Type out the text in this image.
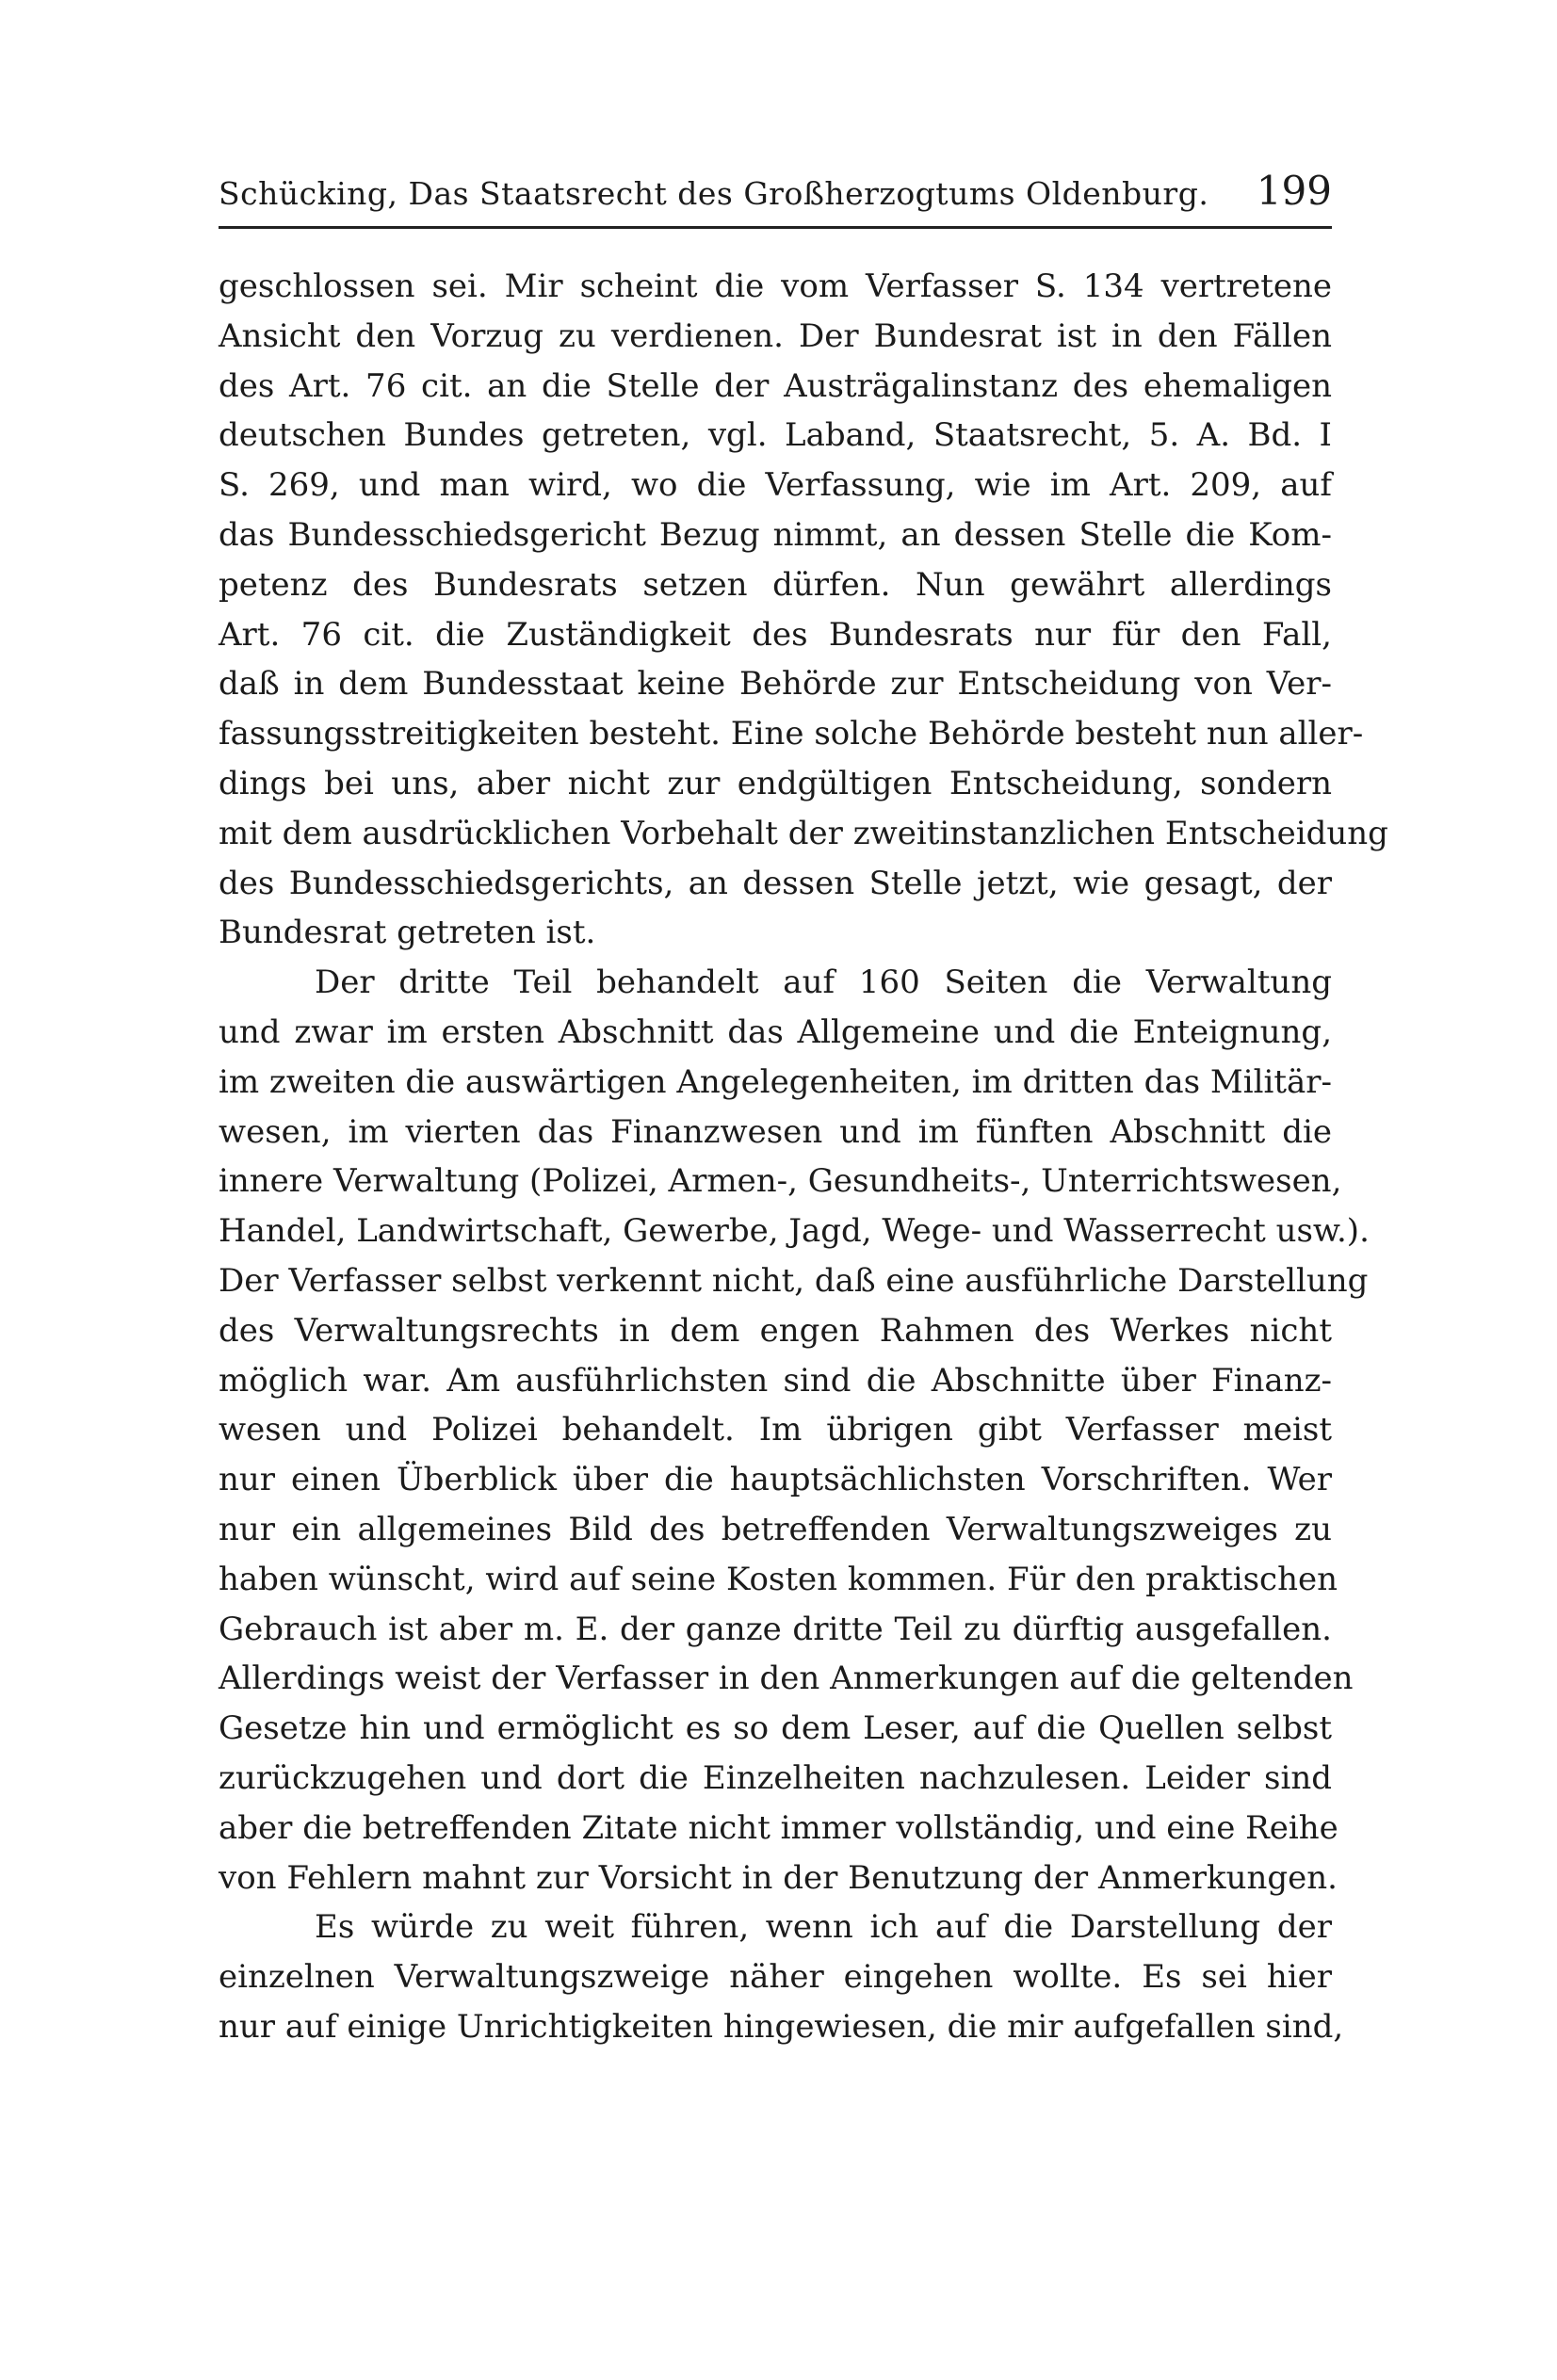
Schücking, Das Staatsrecht des Großherzogtums Oldenburg. 199
geschlossen sei. Mir scheint die vom Verfasser S. 134 vertretene
Ansicht den Vorzug zu verdienen. Der Bundesrat ist in den Fällen
des Art. 76 cit. an die Stelle der Austrägalinstanz des ehemaligen
deutschen Bundes getreten, vgl. Laband, Staatsrecht, 5. A. Bd. I
S. 269, und man wird, wo die Verfassung, wie im Art. 209, auf
das Bundesschiedsgericht Bezug nimmt, an dessen Stelle die Kom-
petenz des Bundesrats setzen dürfen. Nun gewährt allerdings
Art. 76 cit. die Zuständigkeit des Bundesrats nur für den Fall,
daß in dem Bundesstaat keine Behörde zur Entscheidung von Ver-
fassungsstreitigkeiten besteht. Eine solche Behörde besteht nun aller-
dings bei uns, aber nicht zur endgültigen Entscheidung, sondern
mit dem ausdrücklichen Vorbehalt der zweitinstanzlichen Entscheidung
des Bundesschiedsgerichts, an dessen Stelle jetzt, wie gesagt, der
Bundesrat getreten ist.
Der dritte Teil behandelt auf 160 Seiten die Verwaltung
und zwar im ersten Abschnitt das Allgemeine und die Enteignung,
im zweiten die auswärtigen Angelegenheiten, im dritten das Militär-
wesen, im vierten das Finanzwesen und im fünften Abschnitt die
innere Verwaltung (Polizei, Armen-, Gesundheits-, Unterrichtswesen,
Handel, Landwirtschaft, Gewerbe, Jagd, Wege- und Wasserrecht usw.).
Der Verfasser selbst verkennt nicht, daß eine ausführliche Darstellung
des Verwaltungsrechts in dem engen Rahmen des Werkes nicht
möglich war. Am ausführlichsten sind die Abschnitte über Finanz-
wesen und Polizei behandelt. Im übrigen gibt Verfasser meist
nur einen Überblick über die hauptsächlichsten Vorschriften. Wer
nur ein allgemeines Bild des betreffenden Verwaltungszweiges zu
haben wünscht, wird auf seine Kosten kommen. Für den praktischen
Gebrauch ist aber m. E. der ganze dritte Teil zu dürftig ausgefallen.
Allerdings weist der Verfasser in den Anmerkungen auf die geltenden
Gesetze hin und ermöglicht es so dem Leser, auf die Quellen selbst
zurückzugehen und dort die Einzelheiten nachzulesen. Leider sind
aber die betreffenden Zitate nicht immer vollständig, und eine Reihe
von Fehlern mahnt zur Vorsicht in der Benutzung der Anmerkungen.
Es würde zu weit führen, wenn ich auf die Darstellung der
einzelnen Verwaltungszweige näher eingehen wollte. Es sei hier
nur auf einige Unrichtigkeiten hingewiesen, die mir aufgefallen sind,
